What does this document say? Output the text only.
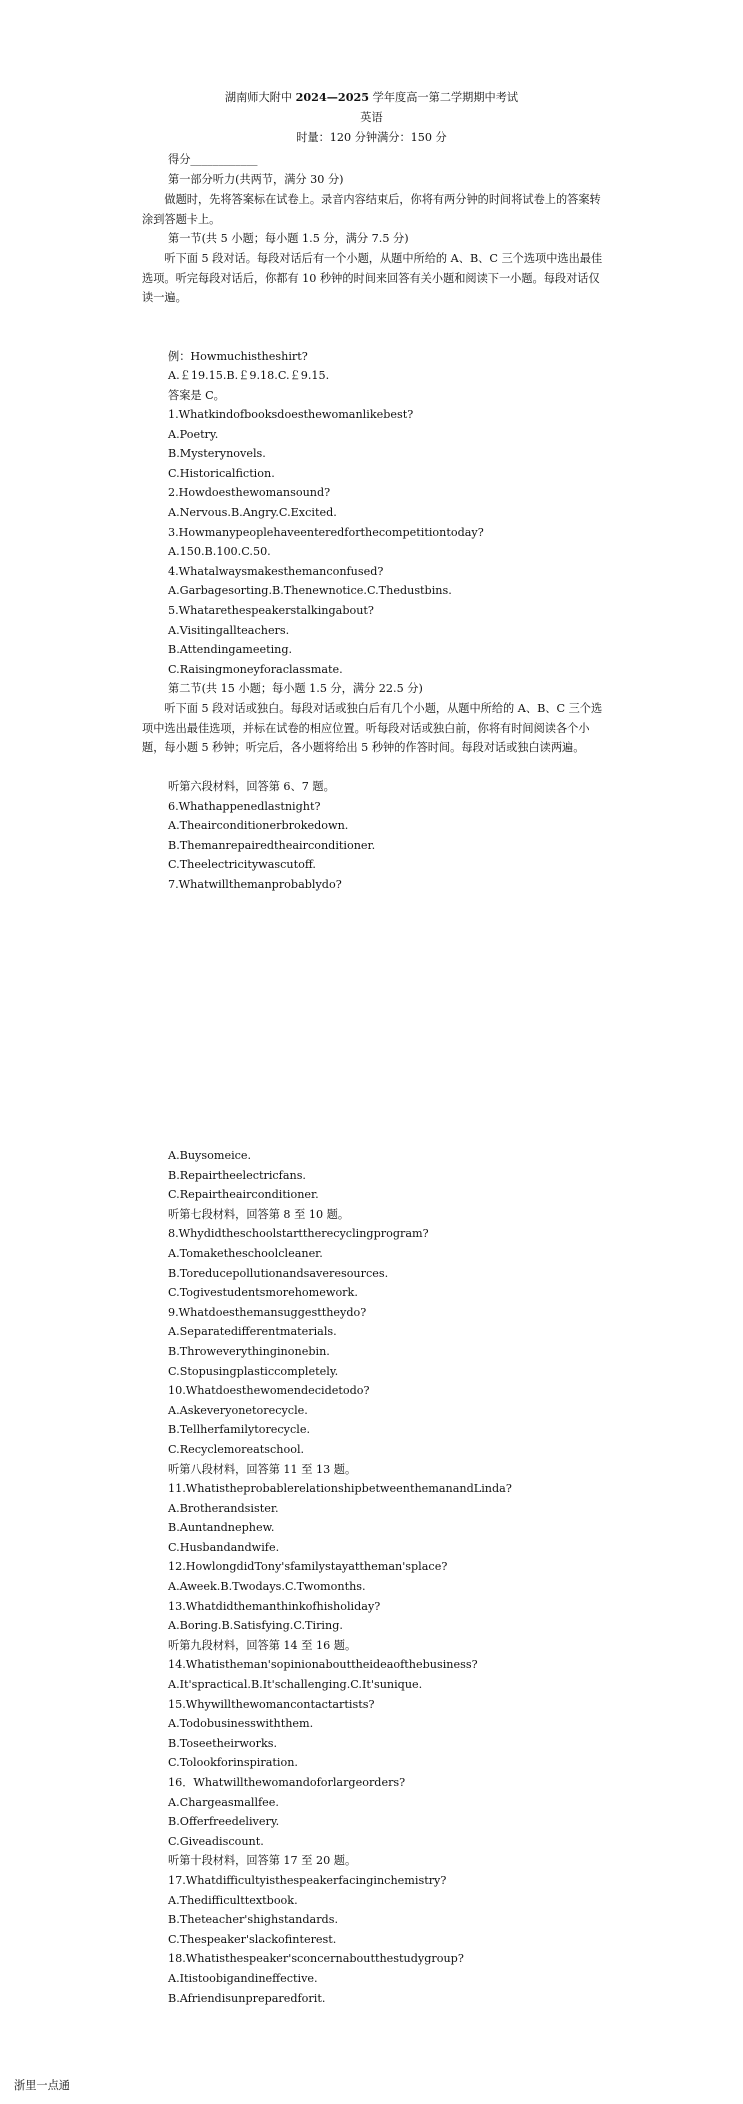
湖南师大附中 2024—2025 学年度高一第二学期期中考试
英语
时量：120 分钟满分：150 分
得分____________
第一部分听力(共两节，满分 30 分)
做题时，先将答案标在试卷上。录音内容结束后，你将有两分钟的时间将试卷上的答案转涂到答题卡上。
第一节(共 5 小题；每小题 1.5 分，满分 7.5 分)
听下面 5 段对话。每段对话后有一个小题，从题中所给的 A、B、C 三个选项中选出最佳选项。听完每段对话后，你都有 10 秒钟的时间来回答有关小题和阅读下一小题。每段对话仅读一遍。
例：Howmuchistheshirt?
A.￡19.15.B.￡9.18.C.￡9.15.
答案是 C。
1.Whatkindofbooksdoesthewomanlikebest?
A.Poetry.
B.Mysterynovels.
C.Historicalfiction.
2.Howdoesthewomansound?
A.Nervous.B.Angry.C.Excited.
3.Howmanypeoplehaveenteredforthecompetitiontoday?
A.150.B.100.C.50.
4.Whatalwaysmakesthemanconfused?
A.Garbagesorting.B.Thenewnotice.C.Thedustbins.
5.Whatarethespeakerstalkingabout?
A.Visitingallteachers.
B.Attendingameeting.
C.Raisingmoneyforaclassmate.
第二节(共 15 小题；每小题 1.5 分，满分 22.5 分)
听下面 5 段对话或独白。每段对话或独白后有几个小题，从题中所给的 A、B、C 三个选项中选出最佳选项，并标在试卷的相应位置。听每段对话或独白前，你将有时间阅读各个小题，每小题 5 秒钟；听完后，各小题将给出 5 秒钟的作答时间。每段对话或独白读两遍。
听第六段材料，回答第 6、7 题。
6.Whathappenedlastnight?
A.Theairconditionerbrokedown.
B.Themanrepairedtheairconditioner.
C.Theelectricitywascutoff.
7.Whatwillthemanprobablydo?
A.Buysomeice.
B.Repairtheelectricfans.
C.Repairtheairconditioner.
听第七段材料，回答第 8 至 10 题。
8.Whydidtheschoolstarttherecyclingprogram?
A.Tomaketheschoolcleaner.
B.Toreducepollutionandsaveresources.
C.Togivestudentsmorehomework.
9.Whatdoesthemansuggesttheydo?
A.Separatedifferentmaterials.
B.Throweverythinginonebin.
C.Stopusingplasticcompletely.
10.Whatdoesthewomendecidetodo?
A.Askeveryonetorecycle.
B.Tellherfamilytorecycle.
C.Recyclemoreatschool.
听第八段材料，回答第 11 至 13 题。
11.WhatistheprobablerelationshipbetweenthemanandLinda?
A.Brotherandsister.
B.Auntandnephew.
C.Husbandandwife.
12.HowlongdidTony'sfamilystayattheman'splace?
A.Aweek.B.Twodays.C.Twomonths.
13.Whatdidthemanthinkofhisholiday?
A.Boring.B.Satisfying.C.Tiring.
听第九段材料，回答第 14 至 16 题。
14.Whatistheman'sopinionabouttheideaofthebusiness?
A.It'spractical.B.It'schallenging.C.It'sunique.
15.Whywillthewomancontactartists?
A.Todobusinesswiththem.
B.Toseetheirworks.
C.Tolookforinspiration.
16．Whatwillthewomandoforlargeorders?
A.Chargeasmallfee.
B.Offerfreedelivery.
C.Giveadiscount.
听第十段材料，回答第 17 至 20 题。
17.Whatdifficultyisthespeakerfacinginchemistry?
A.Thedifficulttextbook.
B.Theteacher'shighstandards.
C.Thespeaker'slackofinterest.
18.Whatisthespeaker'sconcernaboutthestudygroup?
A.Itistoobigandineffective.
B.Afriendisunpreparedforit.
浙里一点通
